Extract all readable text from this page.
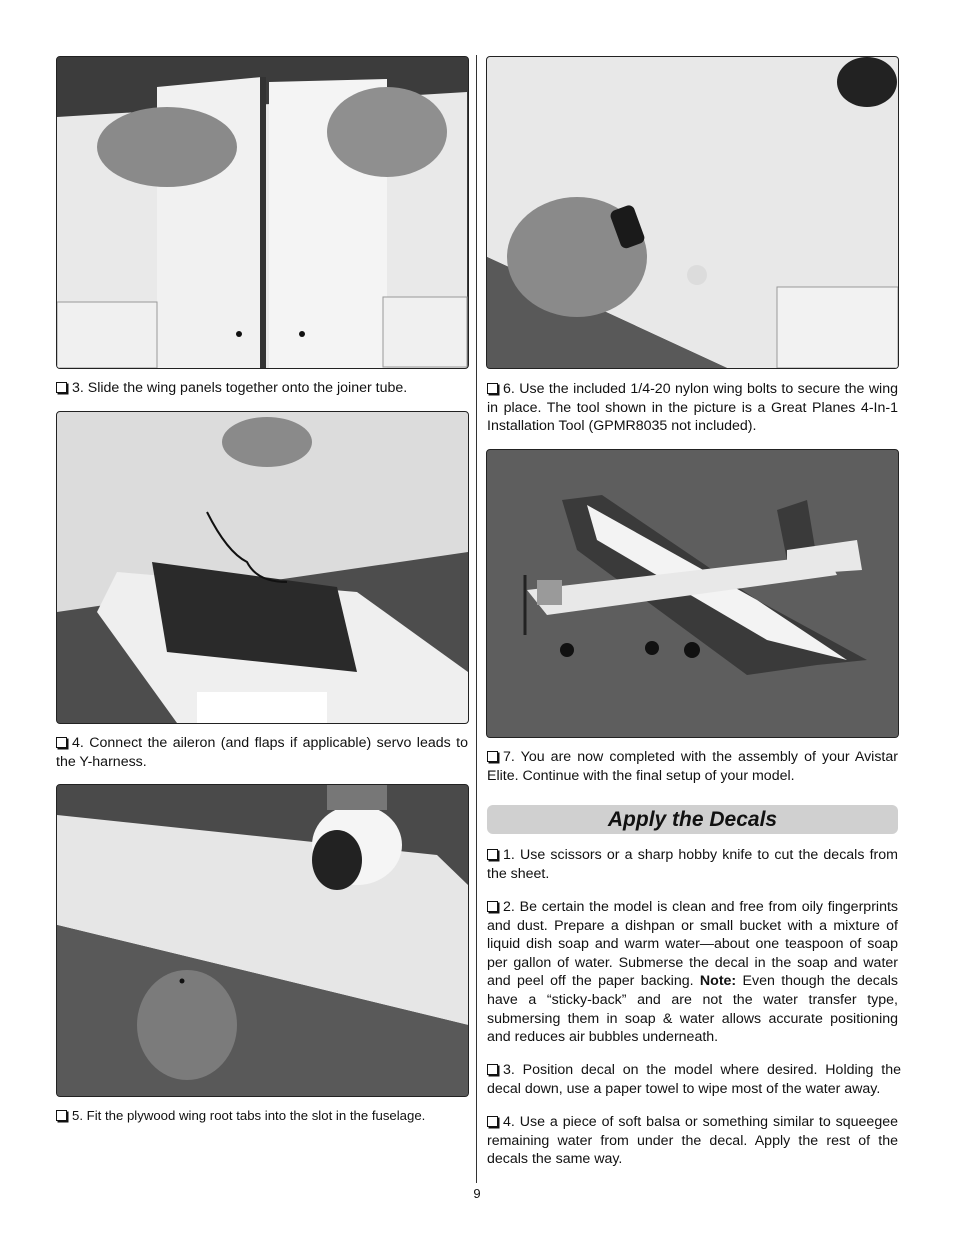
3. Slide the wing panels together onto the joiner tube.

4. Connect the aileron (and flaps if applicable) servo leads to the Y-harness.

5. Fit the plywood wing root tabs into the slot in the fuselage.

6. Use the included 1/4-20 nylon wing bolts to secure the wing in place. The tool shown in the picture is a Great Planes 4-In-1 Installation Tool (GPMR8035 not included).

7. You are now completed with the assembly of your Avistar Elite. Continue with the final setup of your model.

Apply the Decals

1. Use scissors or a sharp hobby knife to cut the decals from the sheet.

2. Be certain the model is clean and free from oily fingerprints and dust. Prepare a dishpan or small bucket with a mixture of liquid dish soap and warm water—about one teaspoon of soap per gallon of water. Submerse the decal in the soap and water and peel off the paper backing. Note: Even though the decals have a “sticky-back” and are not the water transfer type, submersing them in soap & water allows accurate positioning and reduces air bubbles underneath.

3. Position decal on the model where desired. Holding the decal down, use a paper towel to wipe most of the water away.

4. Use a piece of soft balsa or something similar to squeegee remaining water from under the decal. Apply the rest of the decals the same way.

9
